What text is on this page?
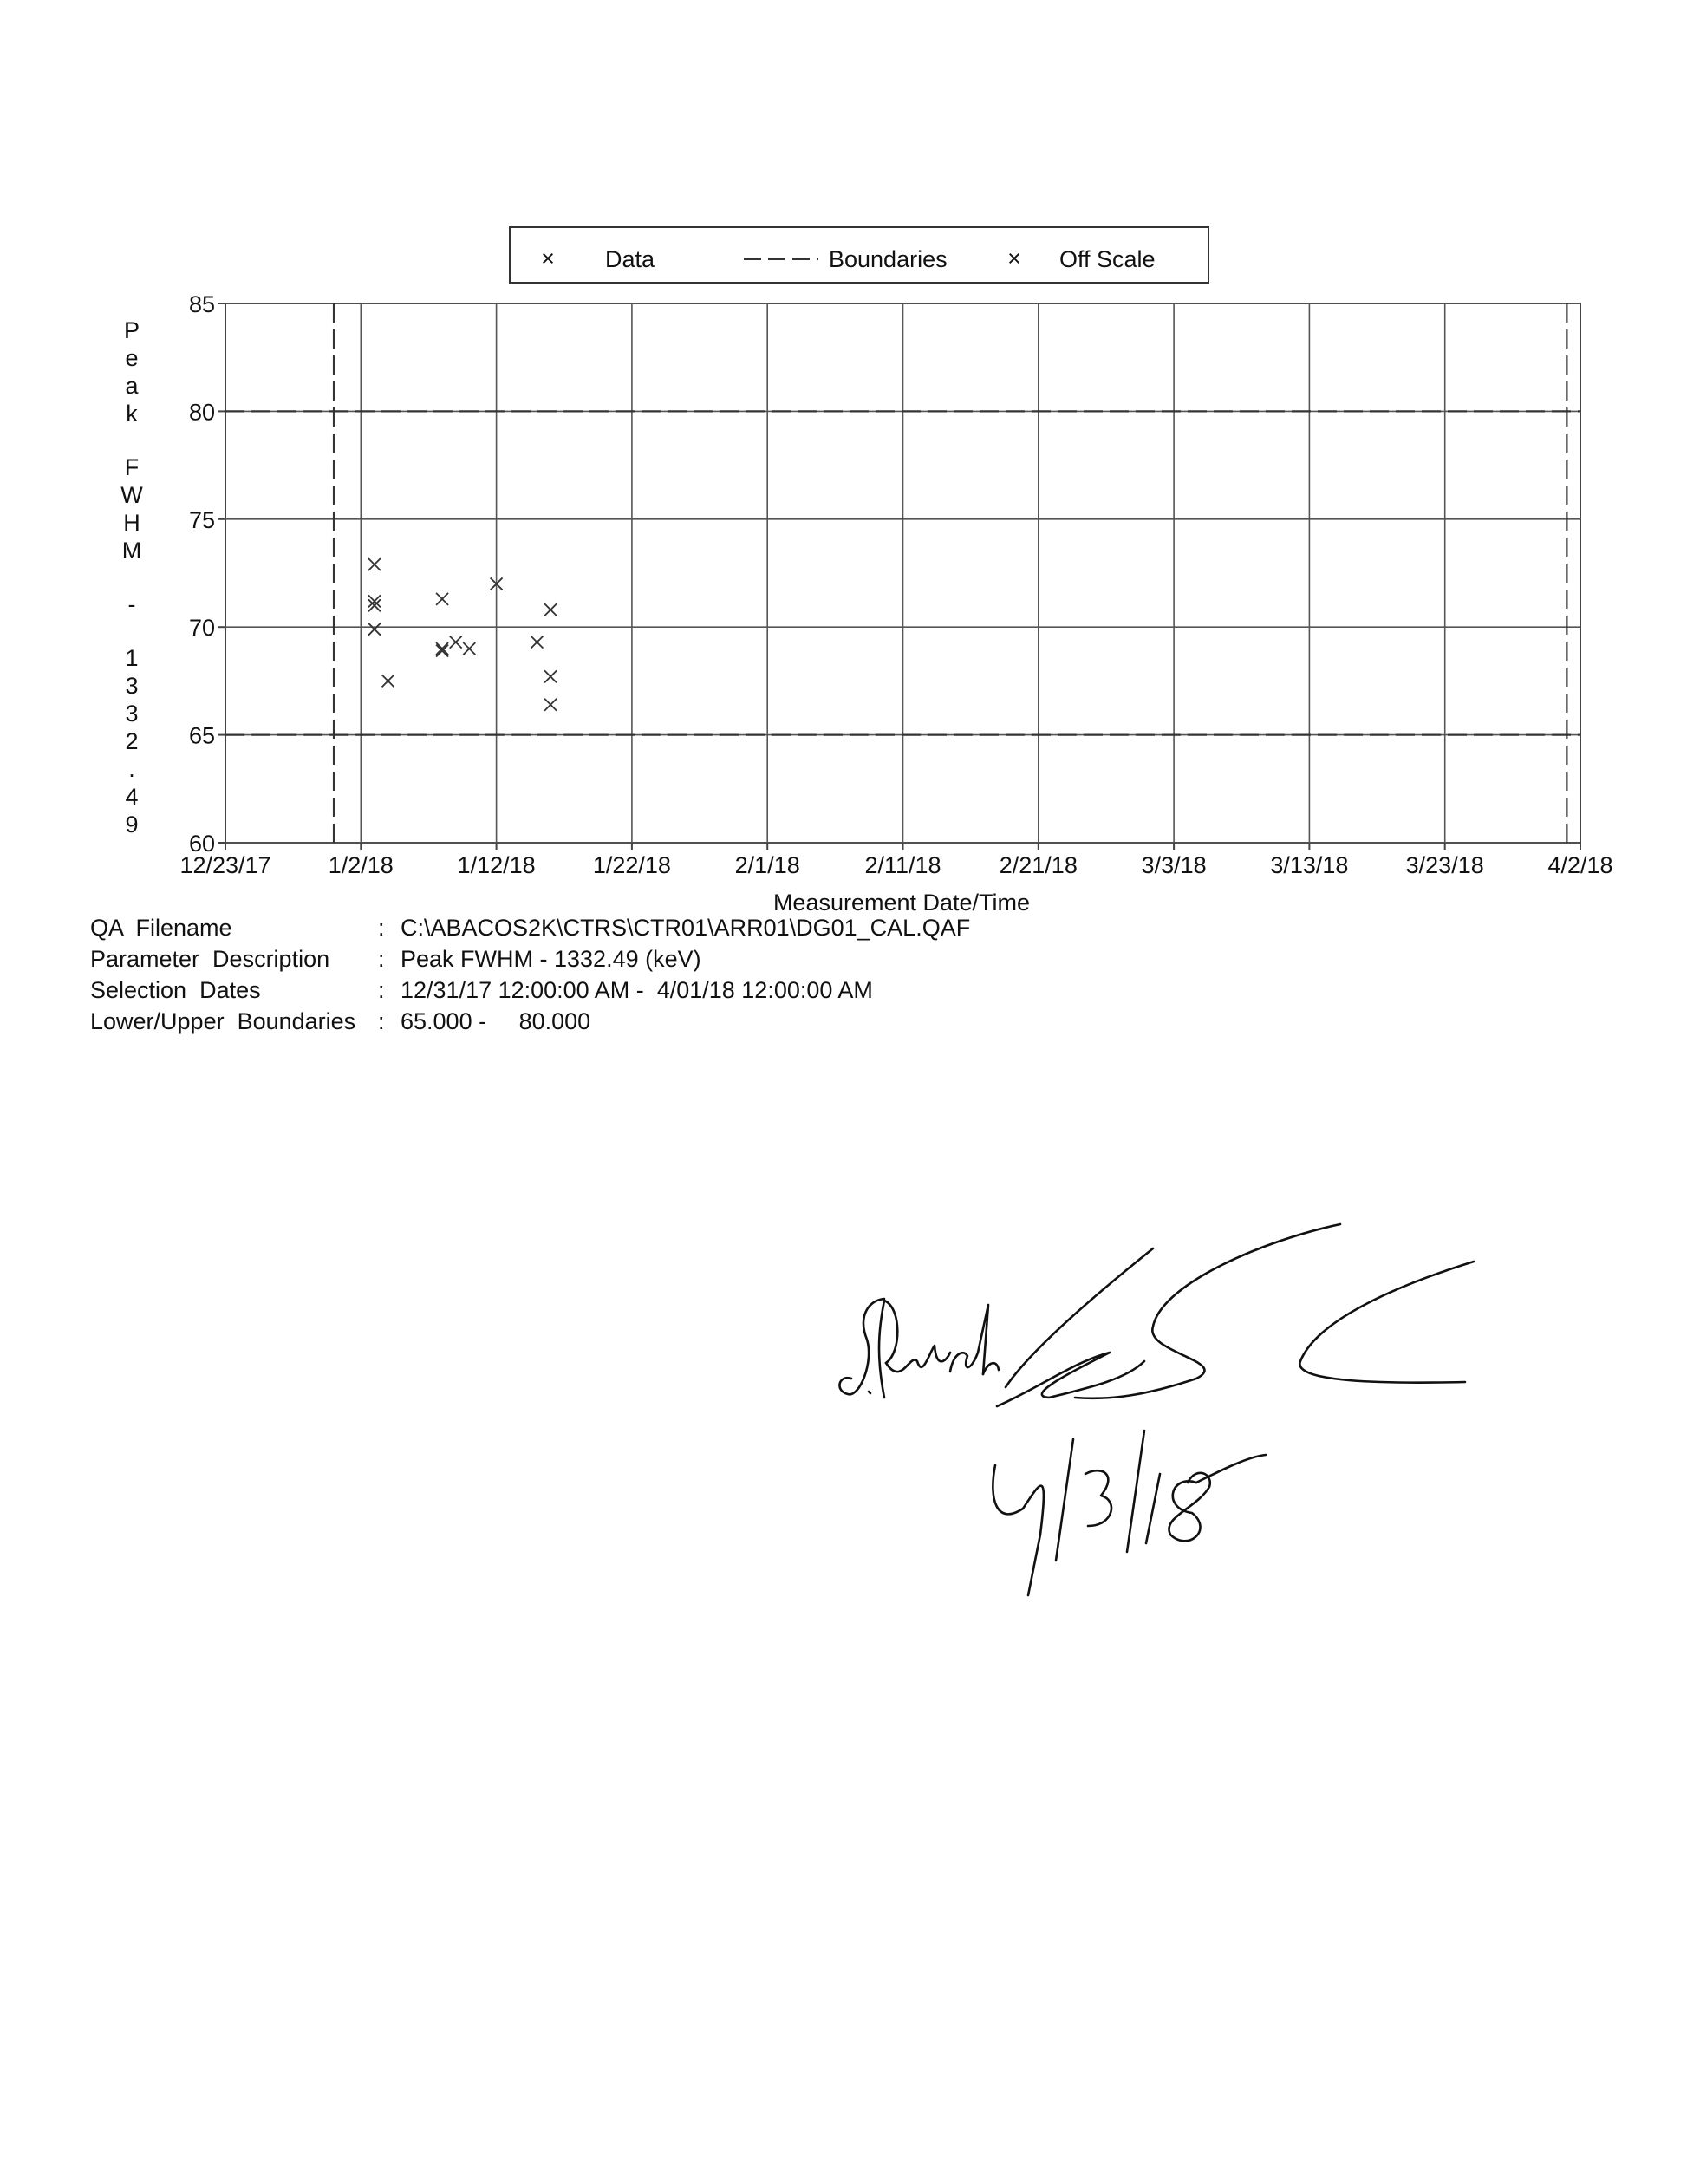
× Data	Boundaries	× Off Scale
P e a k F W H M - 1 3 3 2 . 4 9
60
65
70
75
80
85
12/23/17 1/2/18	1/12/18 1/22/18	2/1/18	2/11/18 2/21/18	3/3/18	3/13/18 3/23/18	4/2/18
Measurement Date/Time
4/3/18
QA  Filename	: C:\ABACOS2K\CTRS\CTR01\ARR01\DG01_CAL.QAF
Parameter  Description	: Peak FWHM - 1332.49 (keV)
Selection  Dates	: 12/31/17 12:00:00 AM -  4/01/18 12:00:00 AM
Lower/Upper  Boundaries : 65.000 -     80.000
